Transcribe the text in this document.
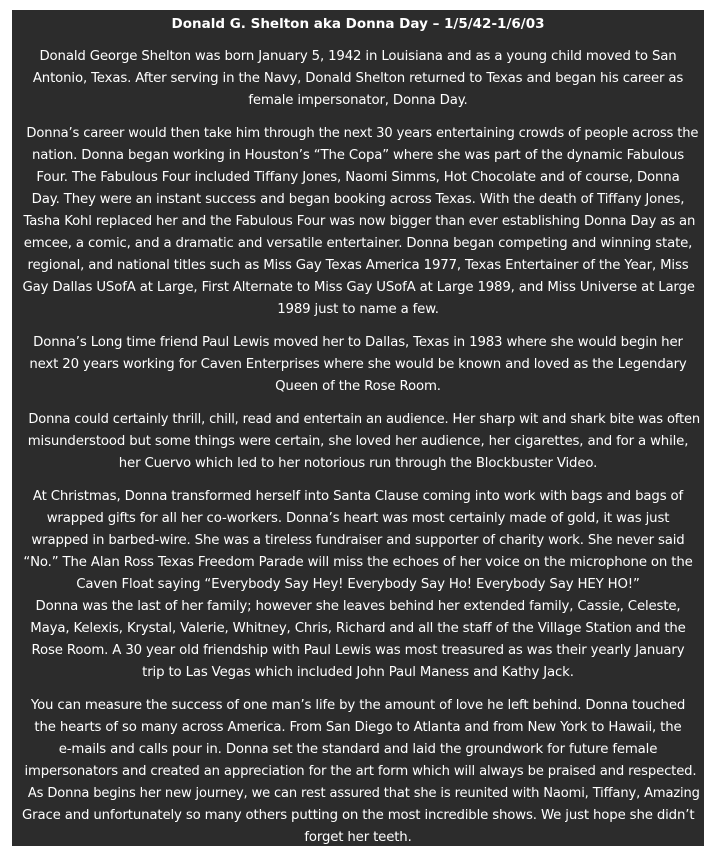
Donald G. Shelton aka Donna Day – 1/5/42-1/6/03
Donald George Shelton was born January 5, 1942 in Louisiana and as a young child moved to San
Antonio, Texas. After serving in the Navy, Donald Shelton returned to Texas and began his career as
female impersonator, Donna Day.
Donna’s career would then take him through the next 30 years entertaining crowds of people across the
nation. Donna began working in Houston’s “The Copa” where she was part of the dynamic Fabulous
Four. The Fabulous Four included Tiffany Jones, Naomi Simms, Hot Chocolate and of course, Donna
Day. They were an instant success and began booking across Texas. With the death of Tiffany Jones,
Tasha Kohl replaced her and the Fabulous Four was now bigger than ever establishing Donna Day as an
emcee, a comic, and a dramatic and versatile entertainer. Donna began competing and winning state,
regional, and national titles such as Miss Gay Texas America 1977, Texas Entertainer of the Year, Miss
Gay Dallas USofA at Large, First Alternate to Miss Gay USofA at Large 1989, and Miss Universe at Large
1989 just to name a few.
Donna’s Long time friend Paul Lewis moved her to Dallas, Texas in 1983 where she would begin her
next 20 years working for Caven Enterprises where she would be known and loved as the Legendary
Queen of the Rose Room.
Donna could certainly thrill, chill, read and entertain an audience. Her sharp wit and shark bite was often
misunderstood but some things were certain, she loved her audience, her cigarettes, and for a while,
her Cuervo which led to her notorious run through the Blockbuster Video.
At Christmas, Donna transformed herself into Santa Clause coming into work with bags and bags of
wrapped gifts for all her co-workers. Donna’s heart was most certainly made of gold, it was just
wrapped in barbed-wire. She was a tireless fundraiser and supporter of charity work. She never said
“No.” The Alan Ross Texas Freedom Parade will miss the echoes of her voice on the microphone on the
Caven Float saying “Everybody Say Hey! Everybody Say Ho! Everybody Say HEY HO!”
Donna was the last of her family; however she leaves behind her extended family, Cassie, Celeste,
Maya, Kelexis, Krystal, Valerie, Whitney, Chris, Richard and all the staff of the Village Station and the
Rose Room. A 30 year old friendship with Paul Lewis was most treasured as was their yearly January
trip to Las Vegas which included John Paul Maness and Kathy Jack.
You can measure the success of one man’s life by the amount of love he left behind. Donna touched
the hearts of so many across America. From San Diego to Atlanta and from New York to Hawaii, the
e-mails and calls pour in. Donna set the standard and laid the groundwork for future female
impersonators and created an appreciation for the art form which will always be praised and respected.
As Donna begins her new journey, we can rest assured that she is reunited with Naomi, Tiffany, Amazing
Grace and unfortunately so many others putting on the most incredible shows. We just hope she didn’t
forget her teeth.
